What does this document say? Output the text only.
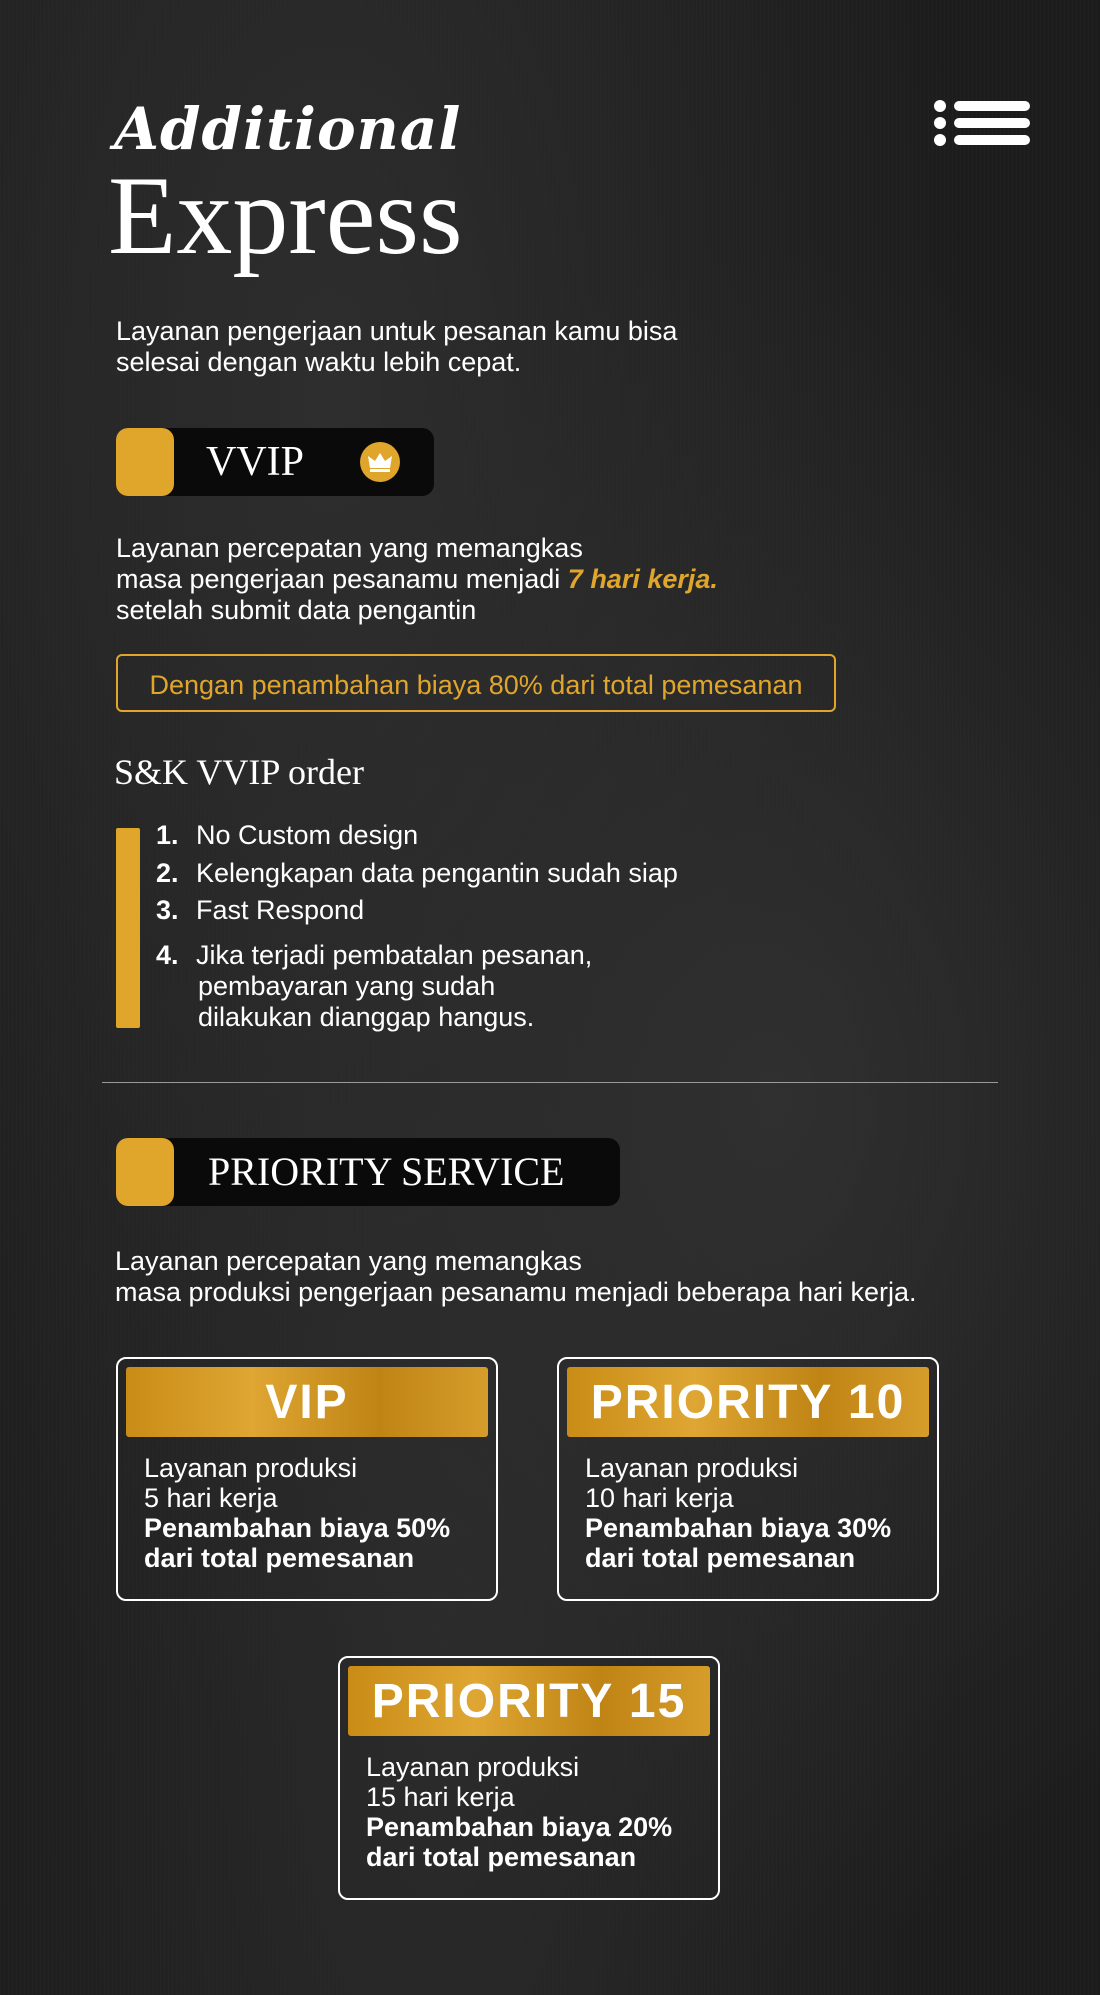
Additional
Express
Layanan pengerjaan untuk pesanan kamu bisa
selesai dengan waktu lebih cepat.
VVIP
Layanan percepatan yang memangkas
masa pengerjaan pesanamu menjadi 7 hari kerja.
setelah submit data pengantin
Dengan penambahan biaya 80% dari total pemesanan
S&K VVIP order
1. No Custom design
2. Kelengkapan data pengantin sudah siap
3. Fast Respond
4. Jika terjadi pembatalan pesanan,
pembayaran yang sudah
dilakukan dianggap hangus.
PRIORITY SERVICE
Layanan percepatan yang memangkas
masa produksi pengerjaan pesanamu menjadi beberapa hari kerja.
VIP
Layanan produksi
5 hari kerja
Penambahan biaya 50%
dari total pemesanan
PRIORITY 10
Layanan produksi
10 hari kerja
Penambahan biaya 30%
dari total pemesanan
PRIORITY 15
Layanan produksi
15 hari kerja
Penambahan biaya 20%
dari total pemesanan
